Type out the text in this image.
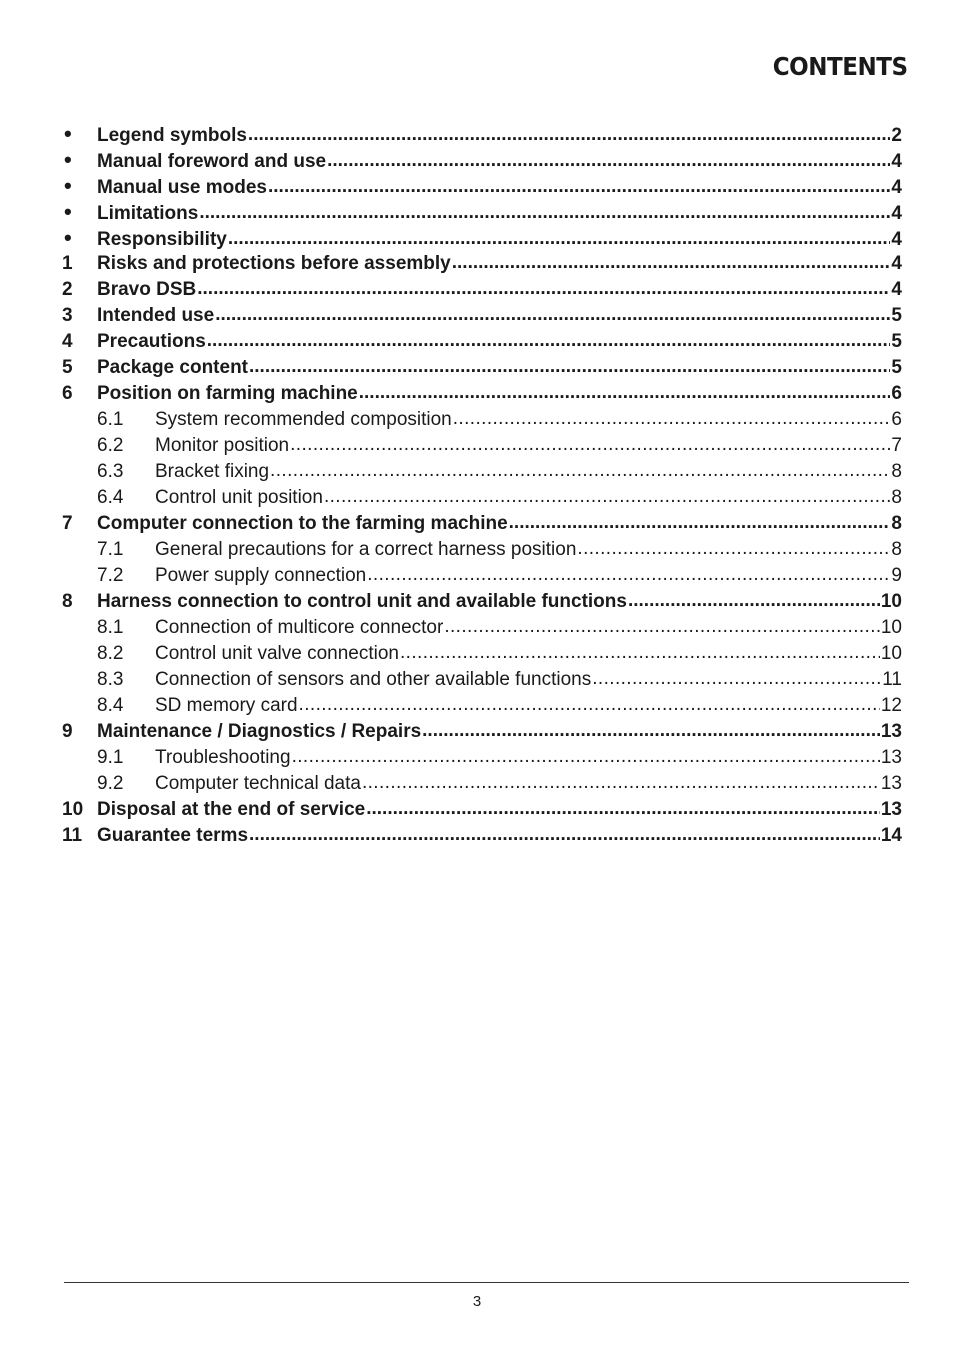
CONTENTS
•	Legend symbols .....	2
•	Manual foreword and use .....	4
•	Manual use modes .....	4
•	Limitations .....	4
•	Responsibility .....	4
1	Risks and protections before assembly .....	4
2	Bravo DSB .....	4
3	Intended use .....	5
4	Precautions .....	5
5	Package content .....	5
6	Position on farming machine .....	6
6.1	System recommended composition .....	6
6.2	Monitor position .....	7
6.3	Bracket fixing .....	8
6.4	Control unit position .....	8
7	Computer connection to the farming machine .....	8
7.1	General precautions for a correct harness position .....	8
7.2	Power supply connection .....	9
8	Harness connection to control unit and available functions .....	10
8.1	Connection of multicore connector .....	10
8.2	Control unit valve connection .....	10
8.3	Connection of sensors and other available functions .....	11
8.4	SD memory card .....	12
9	Maintenance / Diagnostics / Repairs .....	13
9.1	Troubleshooting .....	13
9.2	Computer technical data .....	13
10 Disposal at the end of service .....	13
11 Guarantee terms .....	14
3
